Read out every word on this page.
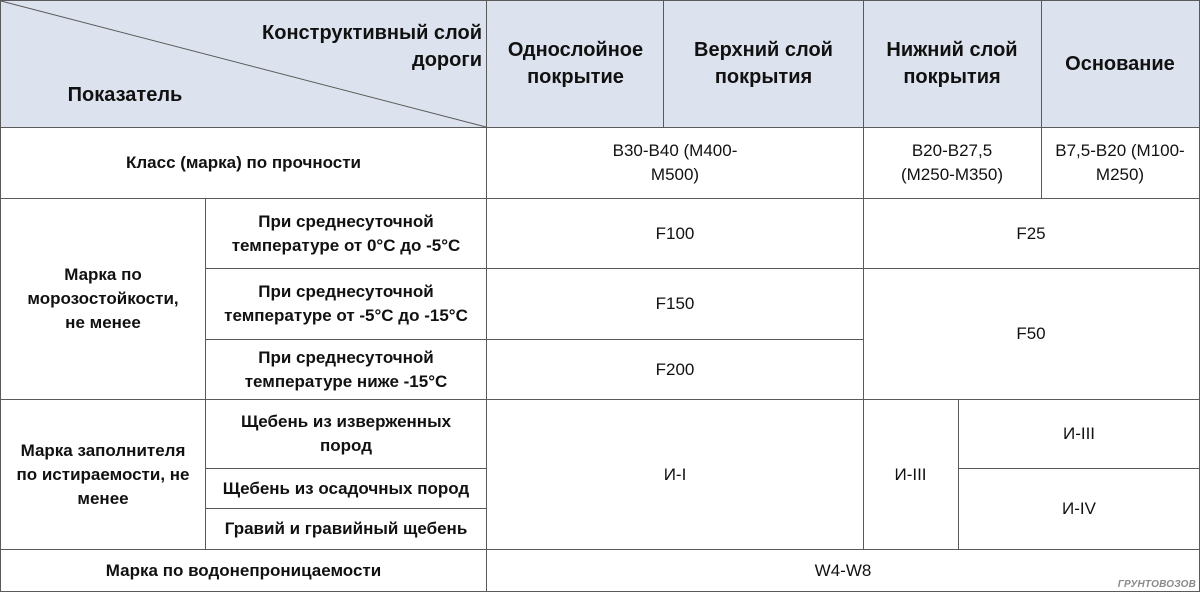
Конструктивный слой дороги
Показатель
Однослойное покрытие
Верхний слой покрытия
Нижний слой покрытия
Основание
Класс (марка) по прочности
В30-В40 (М400-М500)
В20-В27,5 (М250-М350)
В7,5-В20 (М100-М250)
Марка по морозостойкости, не менее
При среднесуточной температуре от 0°С до -5°С
При среднесуточной температуре от -5°С до -15°С
При среднесуточной температуре ниже -15°С
F100
F150
F200
F25
F50
Марка заполнителя по истираемости, не менее
Щебень из изверженных пород
Щебень из осадочных пород
Гравий и гравийный щебень
И-I	И-III
И-III
И-IV
Марка по водонепроницаемости	W4-W8
ГРУНТОВОЗОВ
